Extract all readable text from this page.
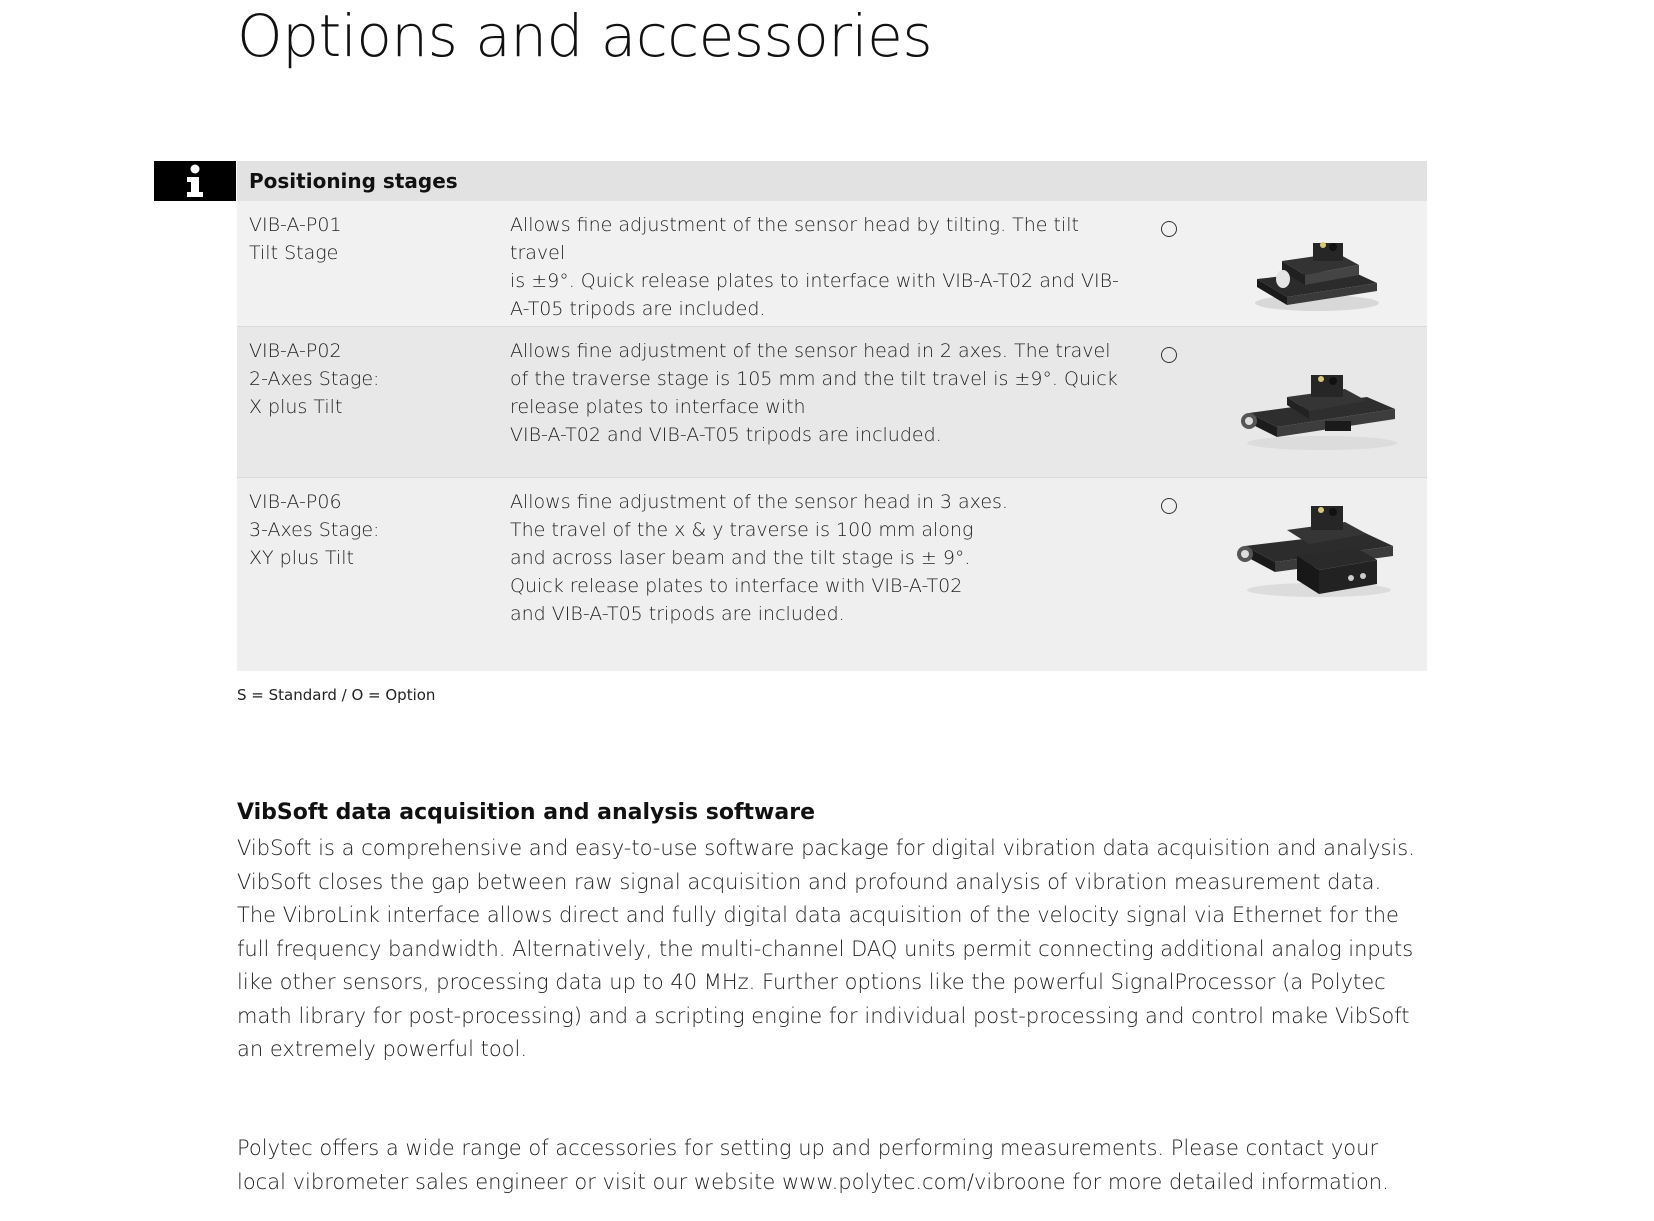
Options and accessories
Positioning stages
VIB-A-P01
Tilt Stage
Allows fine adjustment of the sensor head by tilting. The tilt travel
is ±9°. Quick release plates to interface with VIB-A-T02 and VIB-
A-T05 tripods are included.
VIB-A-P02
2-Axes Stage:
X plus Tilt
Allows fine adjustment of the sensor head in 2 axes. The travel
of the traverse stage is 105 mm and the tilt travel is ±9°. Quick
release plates to interface with
VIB-A-T02 and VIB-A-T05 tripods are included.
VIB-A-P06
3-Axes Stage:
XY plus Tilt
Allows fine adjustment of the sensor head in 3 axes.
The travel of the x & y traverse is 100 mm along
and across laser beam and the tilt stage is ± 9°.
Quick release plates to interface with VIB-A-T02
and VIB-A-T05 tripods are included.
S = Standard / O = Option
VibSoft data acquisition and analysis software

VibSoft is a comprehensive and easy-to-use software package for digital vibration data acquisition and analysis. VibSoft closes the gap between raw signal acquisition and profound analysis of vibration measurement data. The VibroLink interface allows direct and fully digital data acquisition of the velocity signal via Ethernet for the full frequency bandwidth. Alternatively, the multi-channel DAQ units permit connecting additional analog inputs like other sensors, processing data up to 40 MHz. Further options like the powerful SignalProcessor (a Polytec math library for post-processing) and a scripting engine for individual post-processing and control make VibSoft an extremely powerful tool.

Polytec offers a wide range of accessories for setting up and performing measurements. Please contact your local vibrometer sales engineer or visit our website www.polytec.com/vibroone for more detailed information.
